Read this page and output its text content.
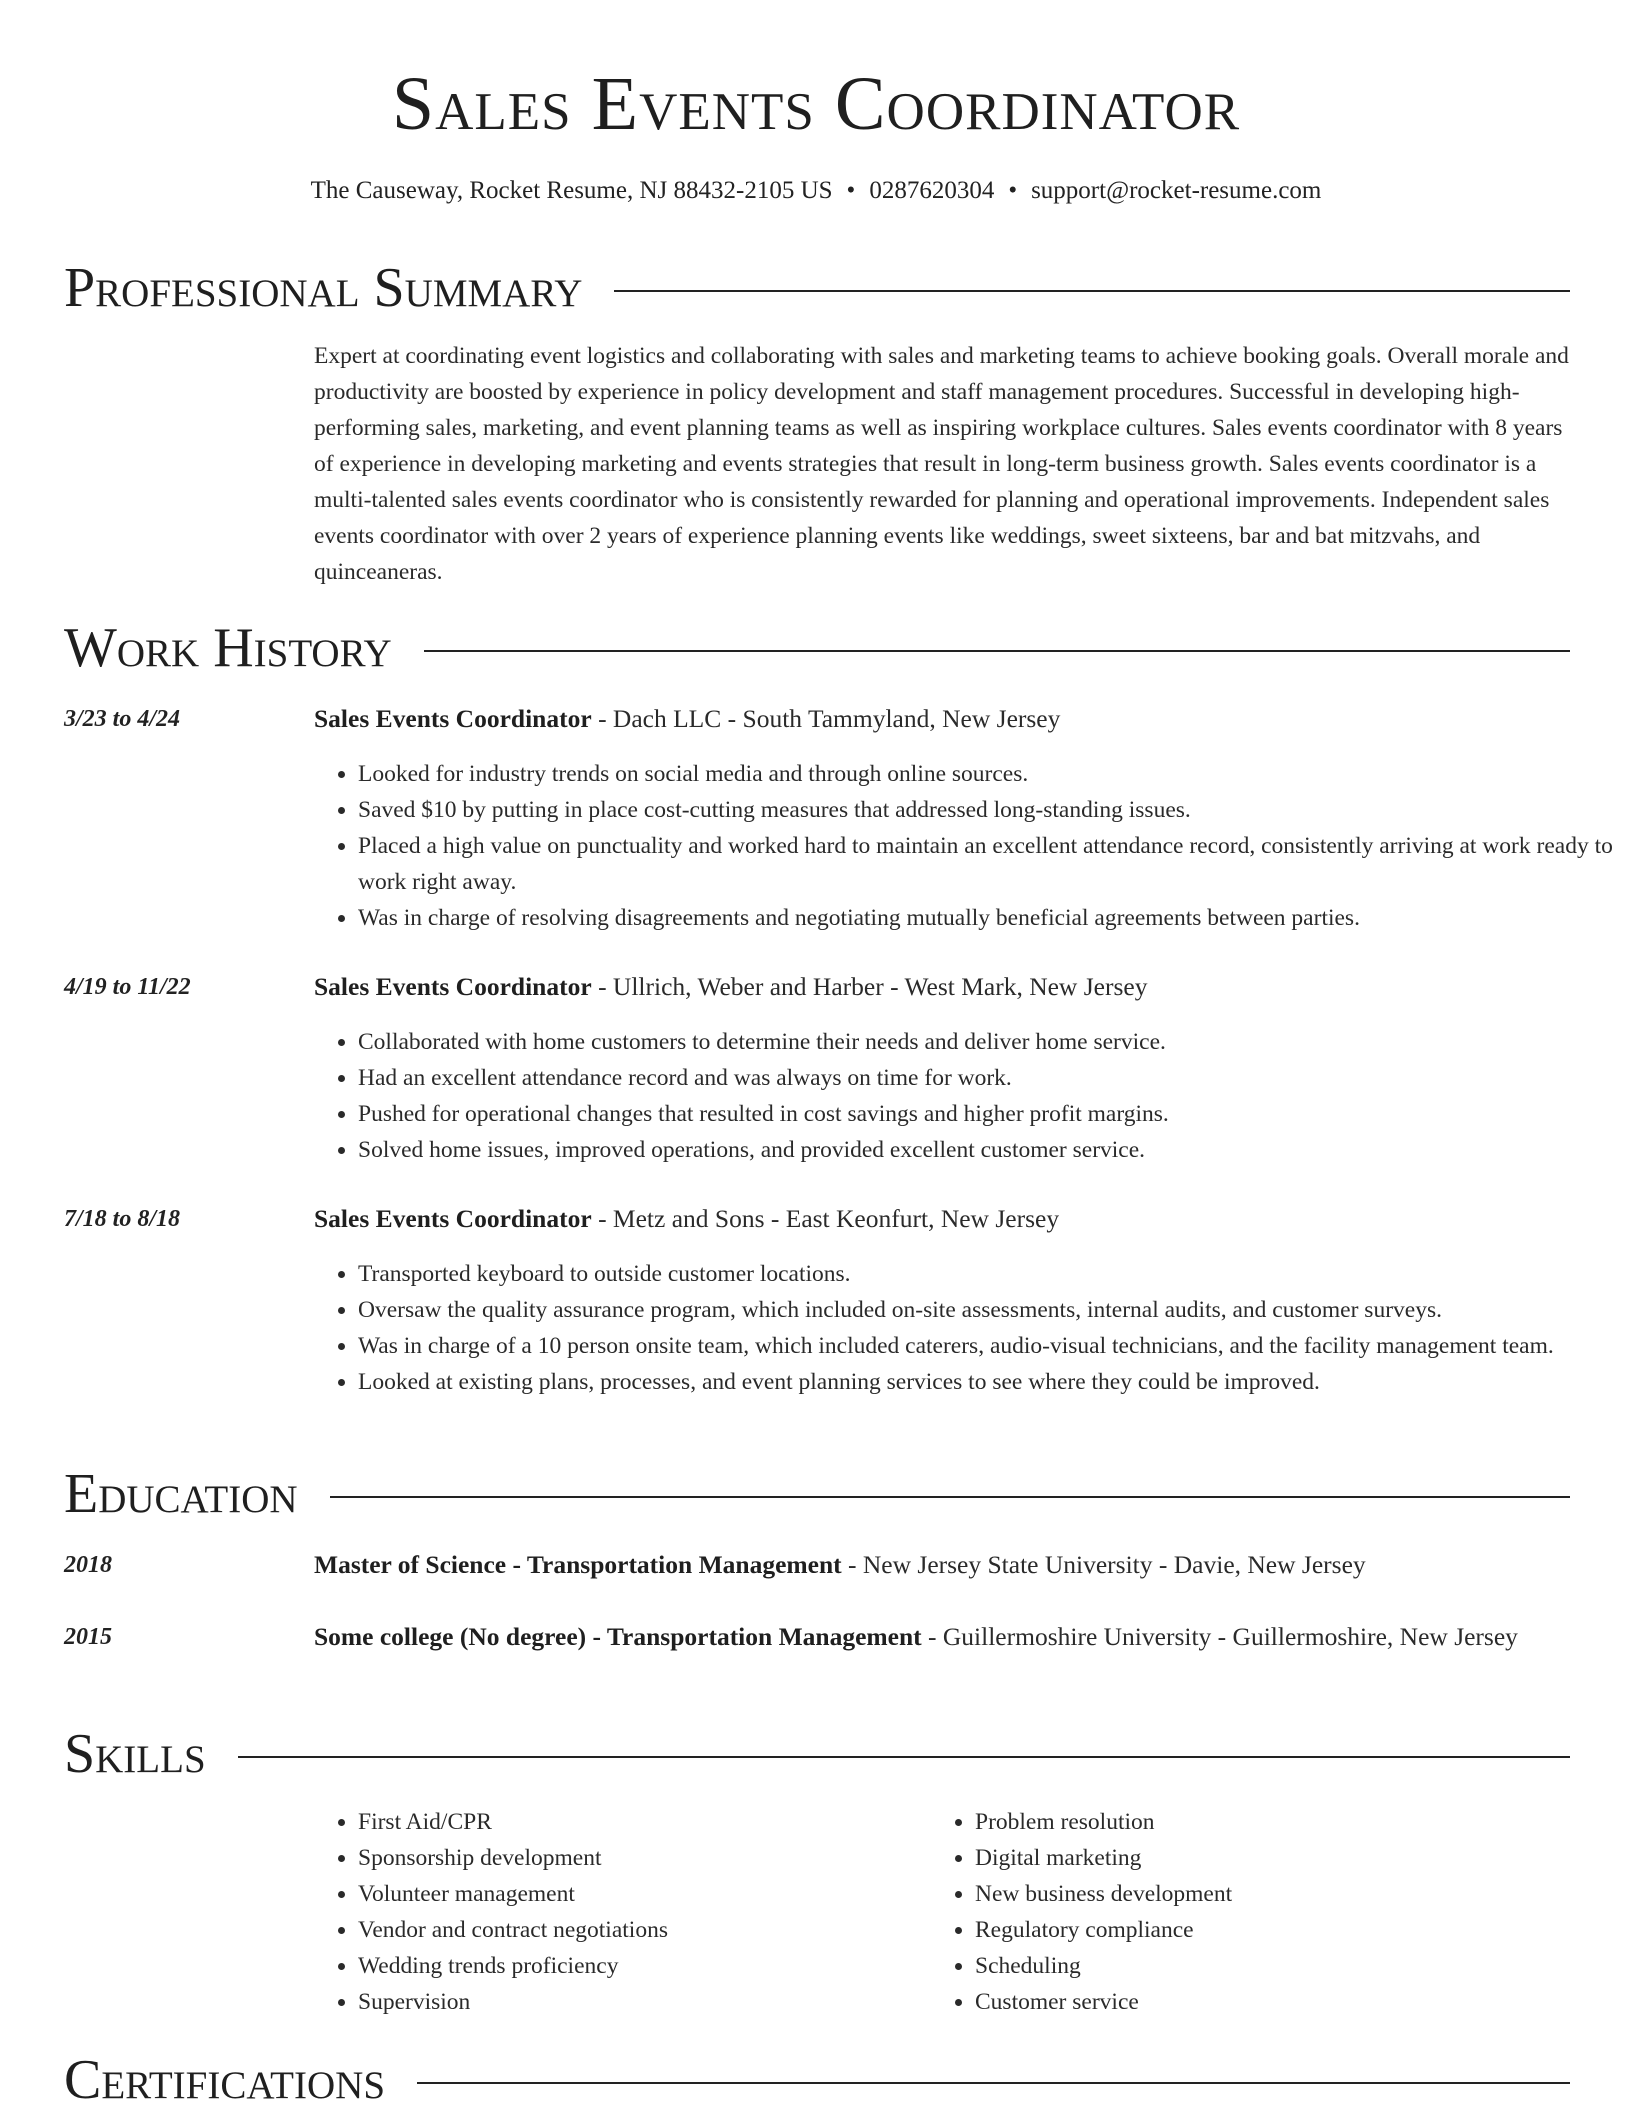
Sales Events Coordinator
The Causeway, Rocket Resume, NJ 88432-2105 US • 0287620304 • support@rocket-resume.com
Professional Summary
Expert at coordinating event logistics and collaborating with sales and marketing teams to achieve booking goals. Overall morale and productivity are boosted by experience in policy development and staff management procedures. Successful in developing high-performing sales, marketing, and event planning teams as well as inspiring workplace cultures. Sales events coordinator with 8 years of experience in developing marketing and events strategies that result in long-term business growth. Sales events coordinator is a multi-talented sales events coordinator who is consistently rewarded for planning and operational improvements. Independent sales events coordinator with over 2 years of experience planning events like weddings, sweet sixteens, bar and bat mitzvahs, and quinceaneras.
Work History
3/23 to 4/24	Sales Events Coordinator - Dach LLC - South Tammyland, New Jersey
• Looked for industry trends on social media and through online sources.
• Saved $10 by putting in place cost-cutting measures that addressed long-standing issues.
• Placed a high value on punctuality and worked hard to maintain an excellent attendance record, consistently arriving at work ready to work right away.
• Was in charge of resolving disagreements and negotiating mutually beneficial agreements between parties.
4/19 to 11/22	Sales Events Coordinator - Ullrich, Weber and Harber - West Mark, New Jersey
• Collaborated with home customers to determine their needs and deliver home service.
• Had an excellent attendance record and was always on time for work.
• Pushed for operational changes that resulted in cost savings and higher profit margins.
• Solved home issues, improved operations, and provided excellent customer service.
7/18 to 8/18	Sales Events Coordinator - Metz and Sons - East Keonfurt, New Jersey
• Transported keyboard to outside customer locations.
• Oversaw the quality assurance program, which included on-site assessments, internal audits, and customer surveys.
• Was in charge of a 10 person onsite team, which included caterers, audio-visual technicians, and the facility management team.
• Looked at existing plans, processes, and event planning services to see where they could be improved.
Education
2018	Master of Science - Transportation Management - New Jersey State University - Davie, New Jersey
2015	Some college (No degree) - Transportation Management - Guillermoshire University - Guillermoshire, New Jersey
Skills
• First Aid/CPR
• Sponsorship development
• Volunteer management
• Vendor and contract negotiations
• Wedding trends proficiency
• Supervision
• Problem resolution
• Digital marketing
• New business development
• Regulatory compliance
• Scheduling
• Customer service
Certifications
